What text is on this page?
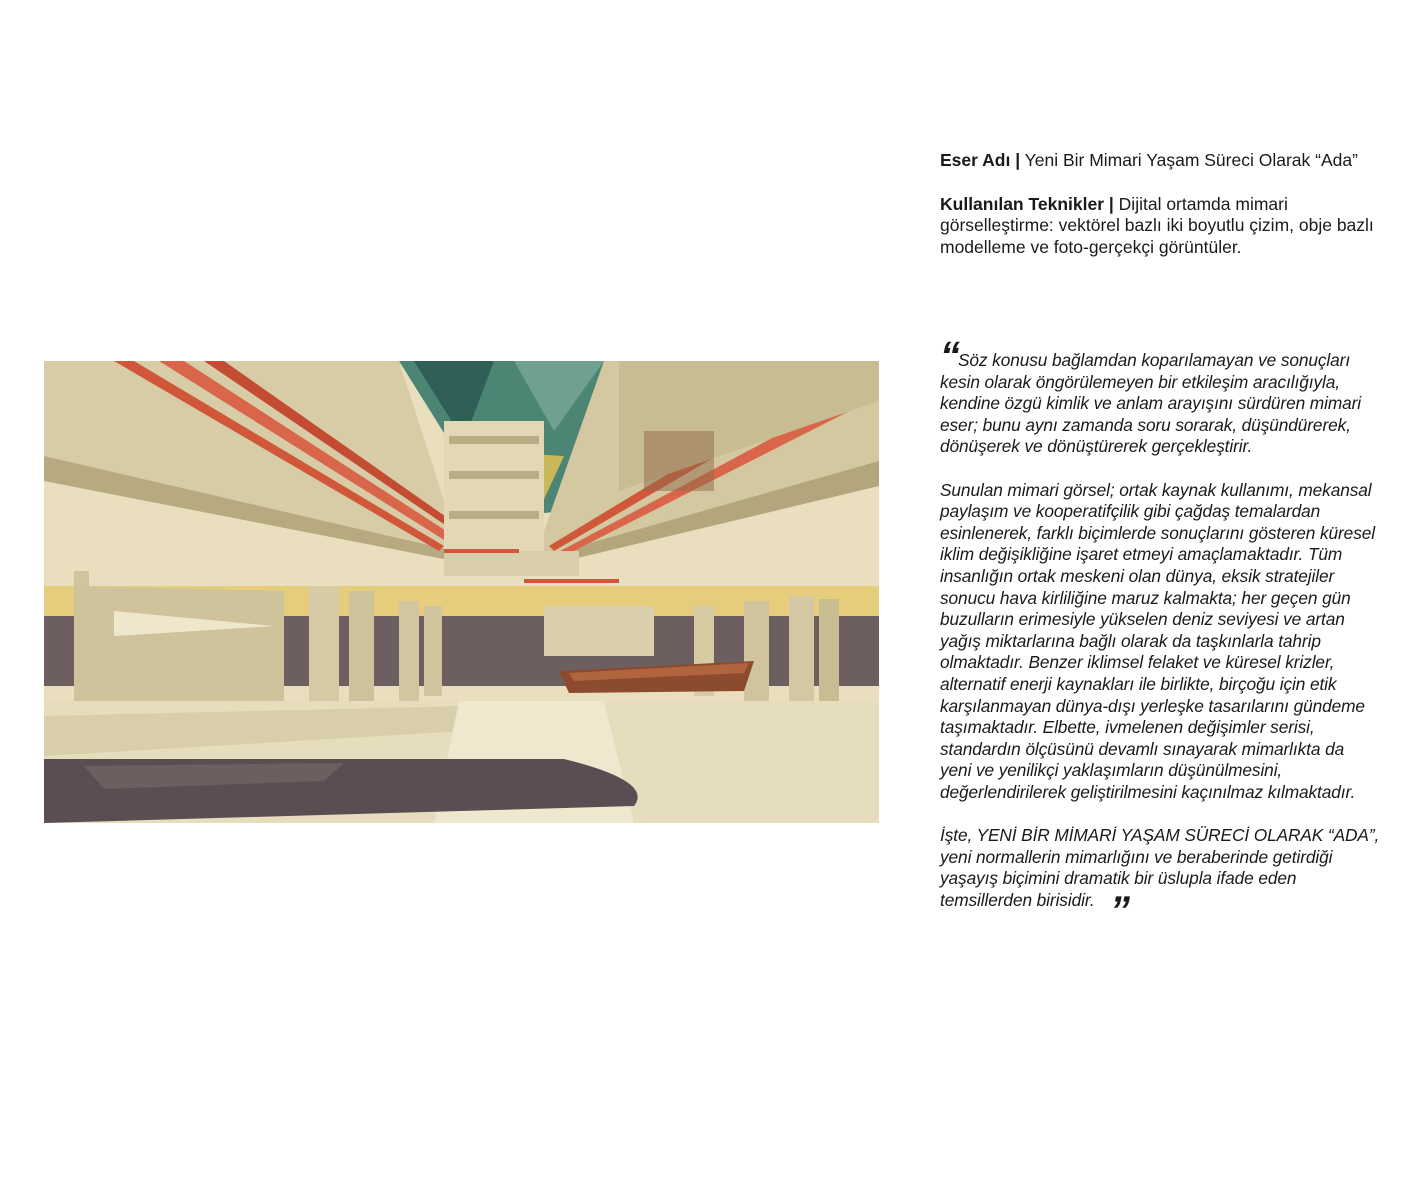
Eser Adı | Yeni Bir Mimari Yaşam Süreci Olarak “Ada”

Kullanılan Teknikler | Dijital ortamda mimari görselleştirme: vektörel bazlı iki boyutlu çizim, obje bazlı modelleme ve foto-gerçekçi görüntüler.

“

Söz konusu bağlamdan koparılamayan ve sonuçları kesin olarak öngörülemeyen bir etkileşim aracılığıyla, kendine özgü kimlik ve anlam arayışını sürdüren mimari eser; bunu aynı zamanda soru sorarak, düşündürerek, dönüşerek ve dönüştürerek gerçekleştirir.

Sunulan mimari görsel; ortak kaynak kullanımı, mekansal paylaşım ve kooperatifçilik gibi çağdaş temalardan esinlenerek, farklı biçimlerde sonuçlarını gösteren küresel iklim değişikliğine işaret etmeyi amaçlamaktadır. Tüm insanlığın ortak meskeni olan dünya, eksik stratejiler sonucu hava kirliliğine maruz kalmakta; her geçen gün buzulların erimesiyle yükselen deniz seviyesi ve artan yağış miktarlarına bağlı olarak da taşkınlarla tahrip olmaktadır. Benzer iklimsel felaket ve küresel krizler, alternatif enerji kaynakları ile birlikte, birçoğu için etik karşılanmayan dünya-dışı yerleşke tasarılarını gündeme taşımaktadır. Elbette, ivmelenen değişimler serisi, standardın ölçüsünü devamlı sınayarak mimarlıkta da yeni ve yenilikçi yaklaşımların düşünülmesini, değerlendirilerek geliştirilmesini kaçınılmaz kılmaktadır.

İşte, YENİ BİR MİMARİ YAŞAM SÜRECİ OLARAK “ADA”, yeni normallerin mimarlığını ve beraberinde getirdiği yaşayış biçimini dramatik bir üslupla ifade eden temsillerden birisidir. ”
